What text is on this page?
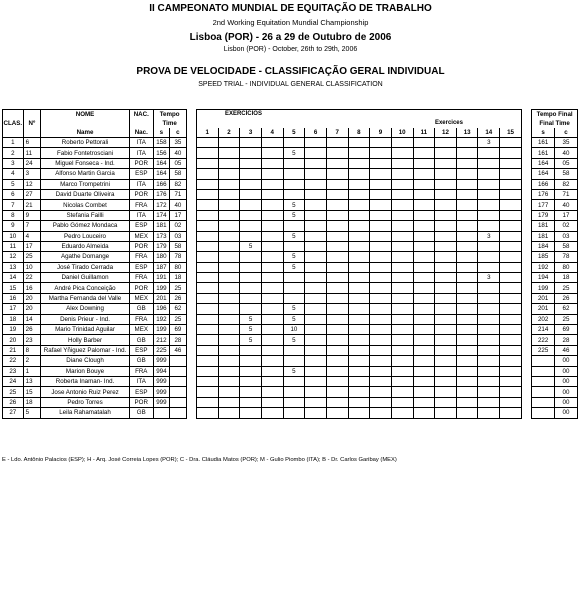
II CAMPEONATO MUNDIAL DE EQUITAÇÃO DE TRABALHO
2nd Working Equitation Mundial Championship
Lisboa (POR) - 26 a 29 de Outubro de 2006
Lisbon (POR) - October, 26th to 29th, 2006
PROVA DE VELOCIDADE - CLASSIFICAÇÃO GERAL INDIVIDUAL
SPEED TRIAL - INDIVIDUAL GENERAL CLASSIFICATION
CLAS.	Nº	NOME	NAC.	Tempo			EXERCÍCIOS																Tempo Final	
				Time			Exercices																Final Time	
		Name	Nac.	s	c		1	2	3	4	5	6	7	8	9	10	11	12	13	14	15		s	c
1	6	Roberto Pettorali	ITA	158	35															3			161	35
2	11	Fabio Fontetrosciani	ITA	156	40						5												161	40
3	24	Miguel Fonseca - Ind.	POR	164	05																		164	05
4	3	Alfonso Martin Garcia	ESP	164	58																		164	58
5	12	Marco Trompetrini	ITA	166	82																		166	82
6	27	David Duarte Oliveira	POR	176	71																		176	71
7	21	Nicolas Combet	FRA	172	40						5												177	40
8	9	Stefania Failli	ITA	174	17						5												179	17
9	7	Pablo Gómez Mondaca	ESP	181	02																		181	02
10	4	Pedro Louceiro	MEX	173	03						5									3			181	03
11	17	Eduardo Almeida	POR	179	58				5														184	58
12	25	Agathe Domange	FRA	180	78						5												185	78
13	10	José Tirado Cerrada	ESP	187	80						5												192	80
14	22	Daniel Guillamon	FRA	191	18															3			194	18
15	16	André Pica Conceição	POR	199	25																		199	25
16	20	Martha Fernanda del Valle	MEX	201	26																		201	26
17	20	Alex Downing	GB	196	62						5												201	62
18	14	Denis Prieur - Ind.	FRA	192	25				5		5												202	25
19	26	Mario Trinidad Aguilar	MEX	199	69				5		10												214	69
20	23	Holly Barber	GB	212	28				5		5												222	28
21	8	Rafael Yñiguez Palomar - Ind.	ESP	225	46																		225	46
22	2	Diane Clough	GB	999																				00
23	1	Marion Bouye	FRA	994							5													00
24	13	Roberta Inaman- Ind.	ITA	999																				00
25	15	Jose Antonio Ruiz Perez	ESP	999																				00
26	18	Pedro Torres	POR	999																				00
27	5	Leila Rahamatalah	GB																					00
E - Ldo. Antônio Palacios (ESP); H - Arq. José Correia Lopes (POR); C - Dra. Cláudia Matos (POR); M - Gulio Piombo (ITA); B - Dr. Carlos Garibay (MEX)
